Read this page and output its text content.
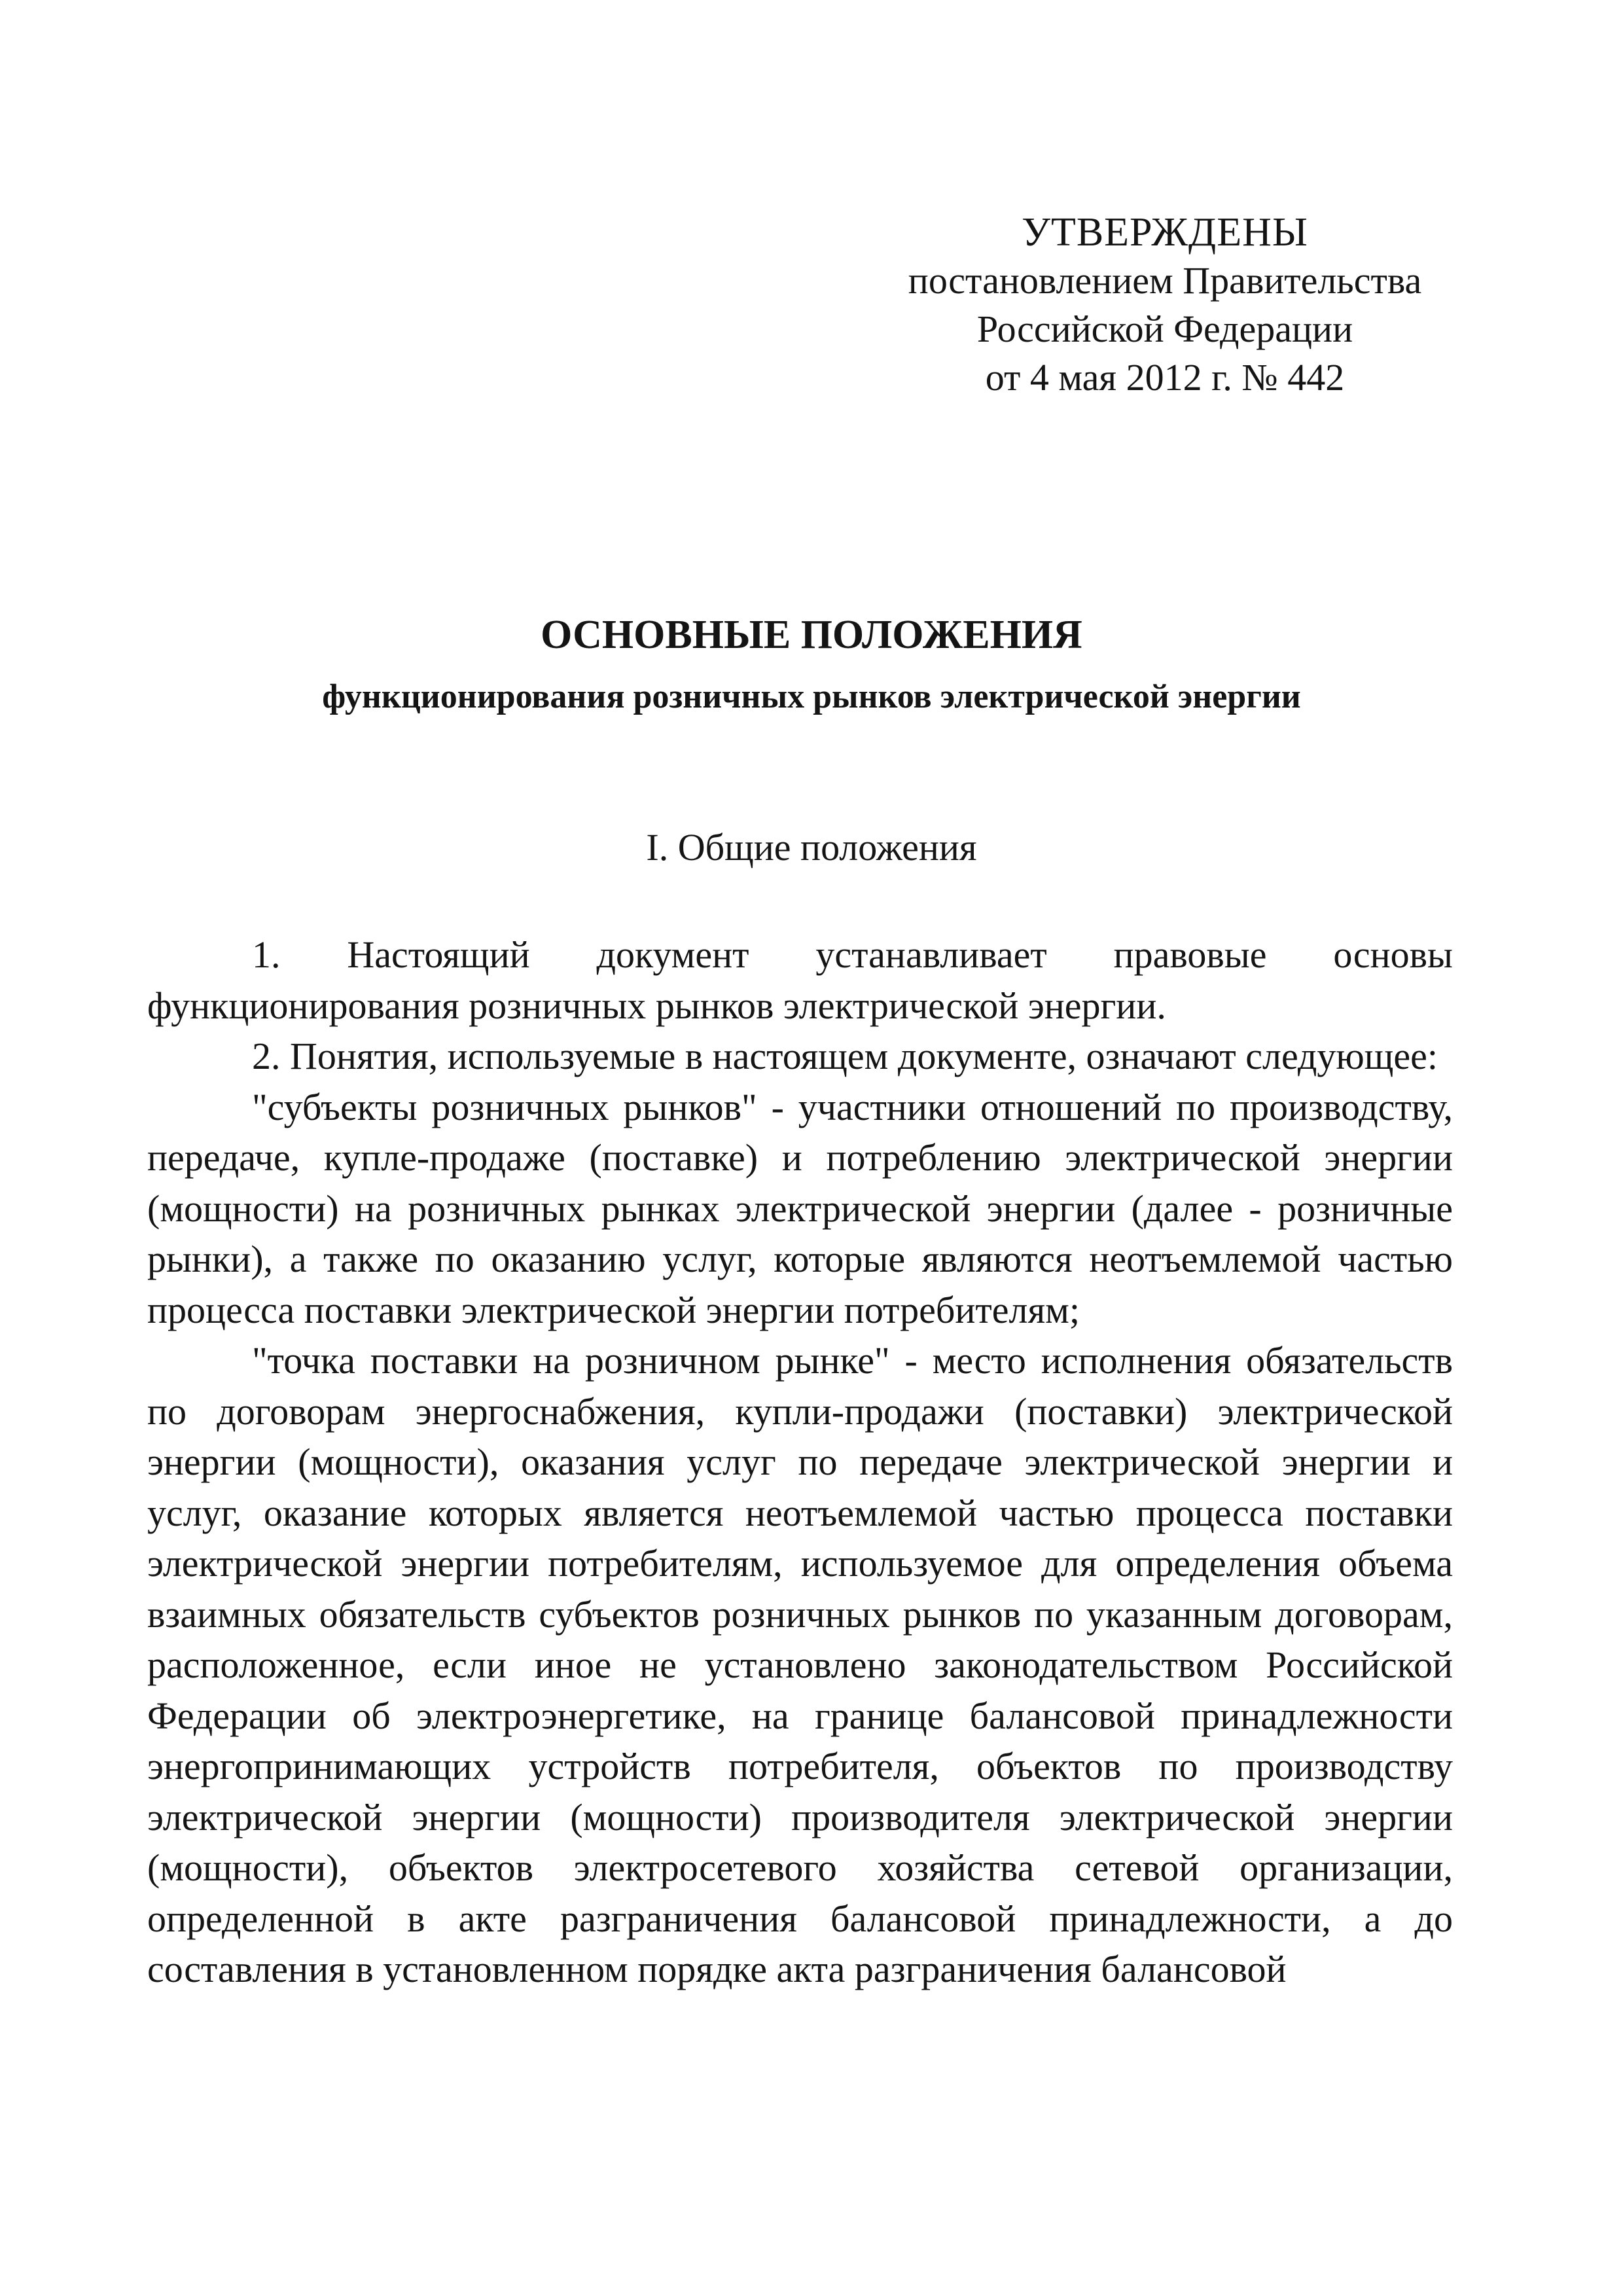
УТВЕРЖДЕНЫ
постановлением Правительства
Российской Федерации
от 4 мая 2012 г. № 442
ОСНОВНЫЕ ПОЛОЖЕНИЯ
функционирования розничных рынков электрической энергии
I. Общие положения

1. Настоящий документ устанавливает правовые основы функционирования розничных рынков электрической энергии.

2. Понятия, используемые в настоящем документе, означают следующее:

"субъекты розничных рынков" - участники отношений по производству, передаче, купле-продаже (поставке) и потреблению электрической энергии (мощности) на розничных рынках электрической энергии (далее - розничные рынки), а также по оказанию услуг, которые являются неотъемлемой частью процесса поставки электрической энергии потребителям;

"точка поставки на розничном рынке" - место исполнения обязательств по договорам энергоснабжения, купли-продажи (поставки) электрической энергии (мощности), оказания услуг по передаче электрической энергии и услуг, оказание которых является неотъемлемой частью процесса поставки электрической энергии потребителям, используемое для определения объема взаимных обязательств субъектов розничных рынков по указанным договорам, расположенное, если иное не установлено законодательством Российской Федерации об электроэнергетике, на границе балансовой принадлежности энергопринимающих устройств потребителя, объектов по производству электрической энергии (мощности) производителя электрической энергии (мощности), объектов электросетевого хозяйства сетевой организации, определенной в акте разграничения балансовой принадлежности, а до составления в установленном порядке акта разграничения балансовой
